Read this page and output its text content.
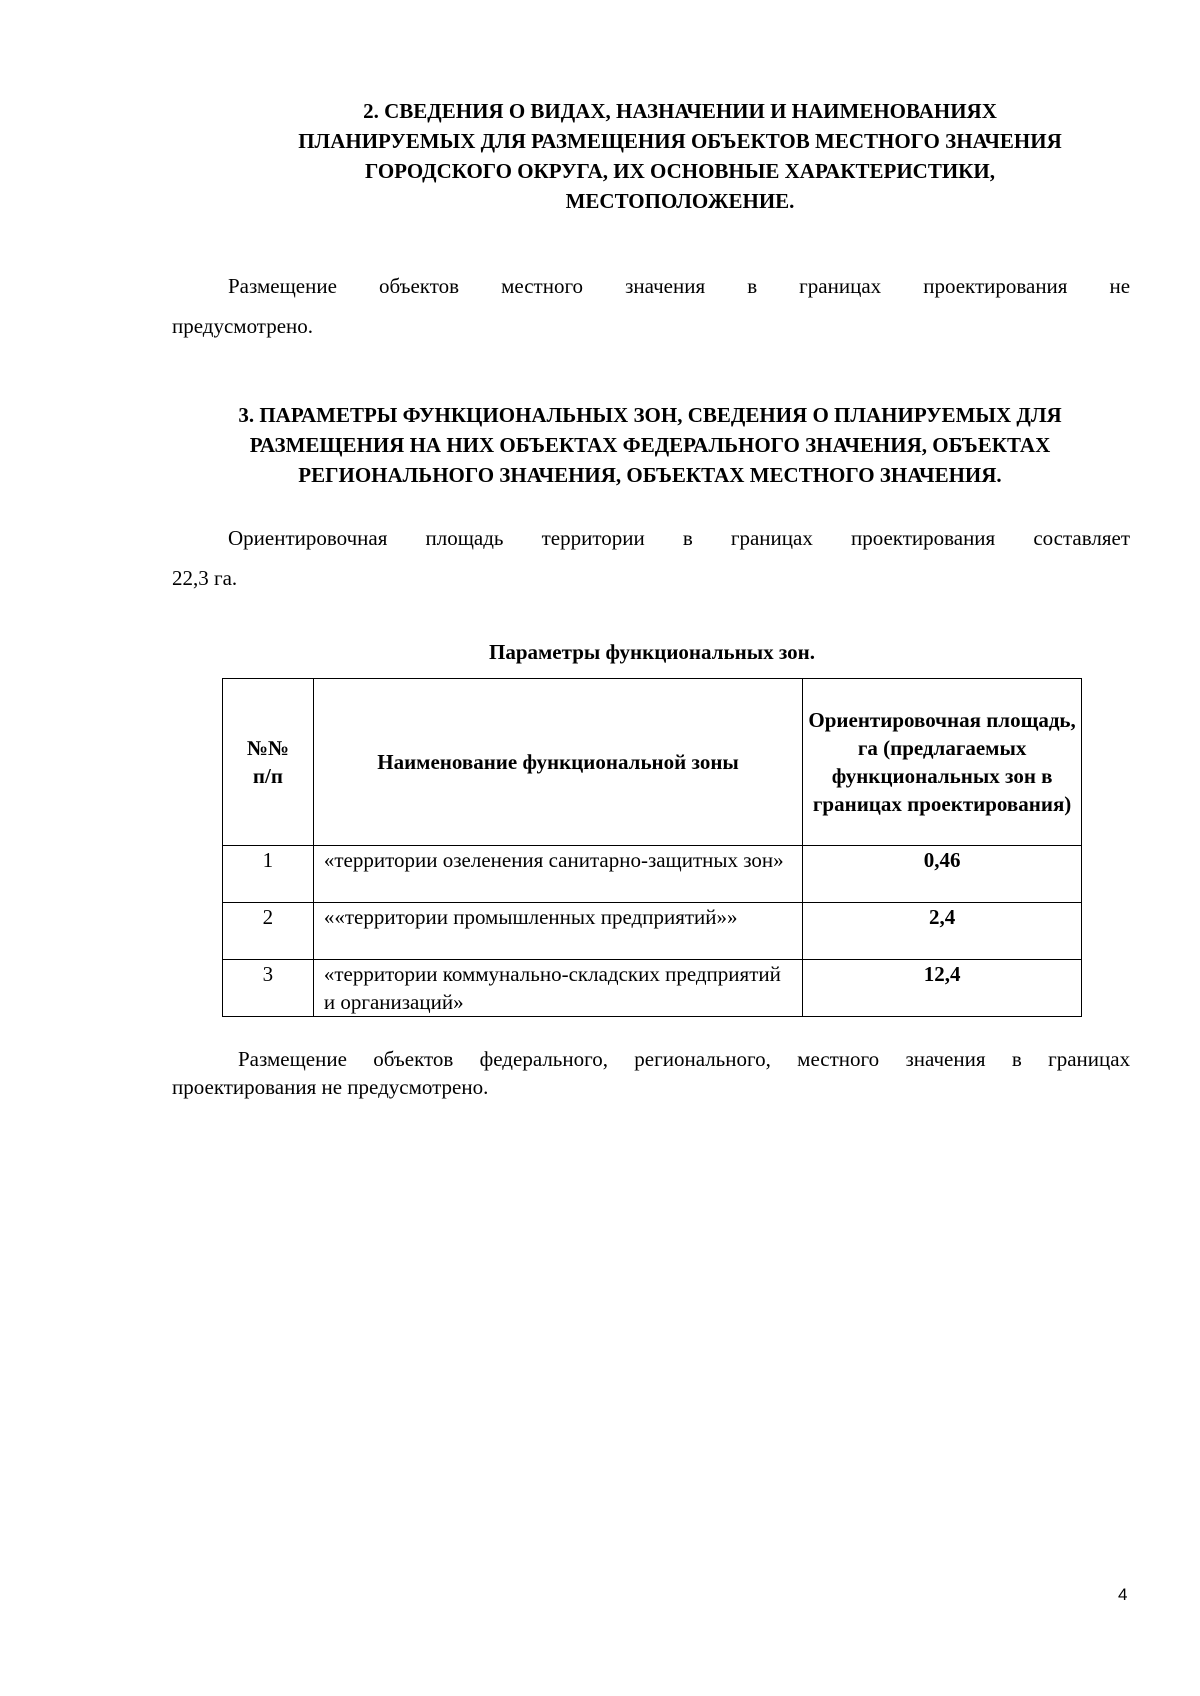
2. СВЕДЕНИЯ О ВИДАХ, НАЗНАЧЕНИИ И НАИМЕНОВАНИЯХ
ПЛАНИРУЕМЫХ ДЛЯ РАЗМЕЩЕНИЯ ОБЪЕКТОВ МЕСТНОГО ЗНАЧЕНИЯ
ГОРОДСКОГО ОКРУГА, ИХ ОСНОВНЫЕ ХАРАКТЕРИСТИКИ,
МЕСТОПОЛОЖЕНИЕ.
Размещение объектов местного значения в границах проектирования не
предусмотрено.
3. ПАРАМЕТРЫ ФУНКЦИОНАЛЬНЫХ ЗОН, СВЕДЕНИЯ О ПЛАНИРУЕМЫХ ДЛЯ
РАЗМЕЩЕНИЯ НА НИХ ОБЪЕКТАХ ФЕДЕРАЛЬНОГО ЗНАЧЕНИЯ, ОБЪЕКТАХ
РЕГИОНАЛЬНОГО ЗНАЧЕНИЯ, ОБЪЕКТАХ МЕСТНОГО ЗНАЧЕНИЯ.
Ориентировочная площадь территории в границах проектирования составляет
22,3 га.

Параметры функциональных зон.

№№
п/п	Наименование функциональной зоны	Ориентировочная площадь, га (предлагаемых функциональных зон в границах проектирования)
1	«территории озеленения санитарно-защитных зон»	0,46
2	««территории промышленных предприятий»»	2,4
3	«территории коммунально-складских предприятий и организаций»	12,4
Размещение объектов федерального, регионального, местного значения в границах
проектирования не предусмотрено.

4
